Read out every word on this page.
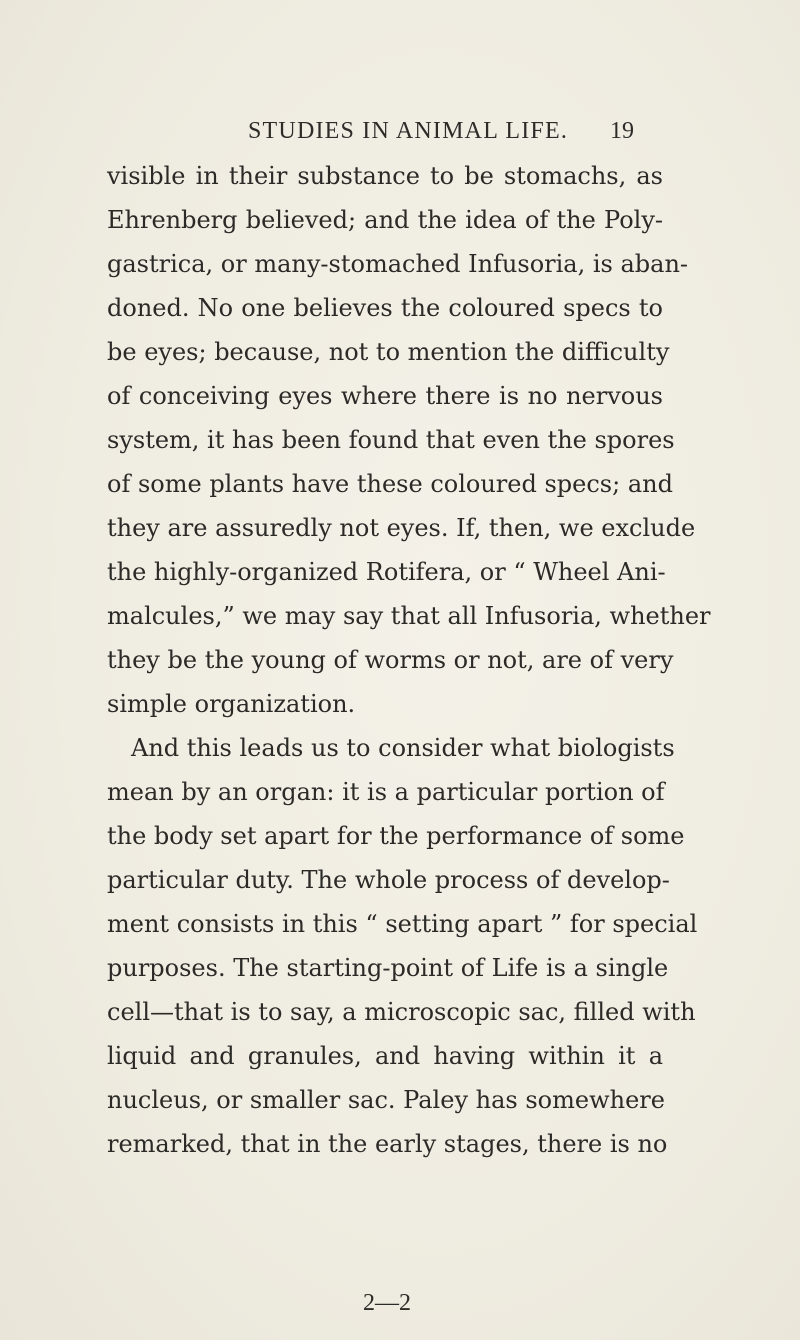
STUDIES IN ANIMAL LIFE. 19
visible in their substance to be stomachs, as
Ehrenberg believed; and the idea of the Poly-
gastrica, or many-stomached Infusoria, is aban-
doned. No one believes the coloured specs to
be eyes; because, not to mention the difficulty
of conceiving eyes where there is no nervous
system, it has been found that even the spores
of some plants have these coloured specs; and
they are assuredly not eyes. If, then, we exclude
the highly-organized Rotifera, or “ Wheel Ani-
malcules,” we may say that all Infusoria, whether
they be the young of worms or not, are of very
simple organization.
And this leads us to consider what biologists
mean by an organ: it is a particular portion of
the body set apart for the performance of some
particular duty. The whole process of develop-
ment consists in this “ setting apart ” for special
purposes. The starting-point of Life is a single
cell—that is to say, a microscopic sac, filled with
liquid and granules, and having within it a
nucleus, or smaller sac. Paley has somewhere
remarked, that in the early stages, there is no
2—2
